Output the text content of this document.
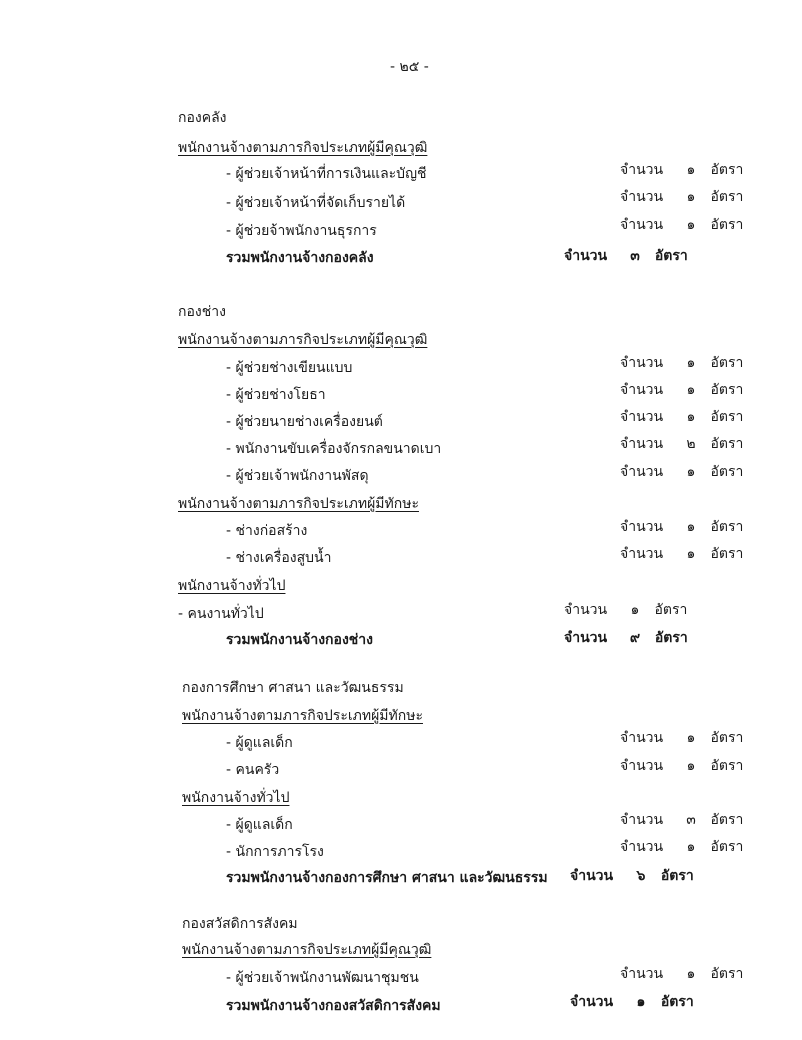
- ๒๕ -
กองคลัง
พนักงานจ้างตามภารกิจประเภทผู้มีคุณวุฒิ
- ผู้ช่วยเจ้าหน้าที่การเงินและบัญชี	จำนวน ๑ อัตรา
- ผู้ช่วยเจ้าหน้าที่จัดเก็บรายได้	จำนวน ๑ อัตรา
- ผู้ช่วยจ้าพนักงานธุรการ	จำนวน ๑ อัตรา
รวมพนักงานจ้างกองคลัง	จำนวน ๓ อัตรา
กองช่าง
พนักงานจ้างตามภารกิจประเภทผู้มีคุณวุฒิ
- ผู้ช่วยช่างเขียนแบบ	จำนวน ๑ อัตรา
- ผู้ช่วยช่างโยธา	จำนวน ๑ อัตรา
- ผู้ช่วยนายช่างเครื่องยนต์	จำนวน ๑ อัตรา
- พนักงานขับเครื่องจักรกลขนาดเบา	จำนวน ๒ อัตรา
- ผู้ช่วยเจ้าพนักงานพัสดุ	จำนวน ๑ อัตรา
พนักงานจ้างตามภารกิจประเภทผู้มีทักษะ
- ช่างก่อสร้าง	จำนวน ๑ อัตรา
- ช่างเครื่องสูบน้ำ	จำนวน ๑ อัตรา
พนักงานจ้างทั่วไป
- คนงานทั่วไป	จำนวน ๑ อัตรา
รวมพนักงานจ้างกองช่าง	จำนวน ๙ อัตรา
กองการศึกษา ศาสนา และวัฒนธรรม
พนักงานจ้างตามภารกิจประเภทผู้มีทักษะ
- ผู้ดูแลเด็ก	จำนวน ๑ อัตรา
- คนครัว	จำนวน ๑ อัตรา
พนักงานจ้างทั่วไป
- ผู้ดูแลเด็ก	จำนวน ๓ อัตรา
- นักการภารโรง	จำนวน ๑ อัตรา
รวมพนักงานจ้างกองการศึกษา ศาสนา และวัฒนธรรม จำนวน ๖ อัตรา
กองสวัสดิการสังคม
พนักงานจ้างตามภารกิจประเภทผู้มีคุณวุฒิ
- ผู้ช่วยเจ้าพนักงานพัฒนาชุมชน	จำนวน ๑ อัตรา
รวมพนักงานจ้างกองสวัสดิการสังคม	จำนวน ๑ อัตรา
